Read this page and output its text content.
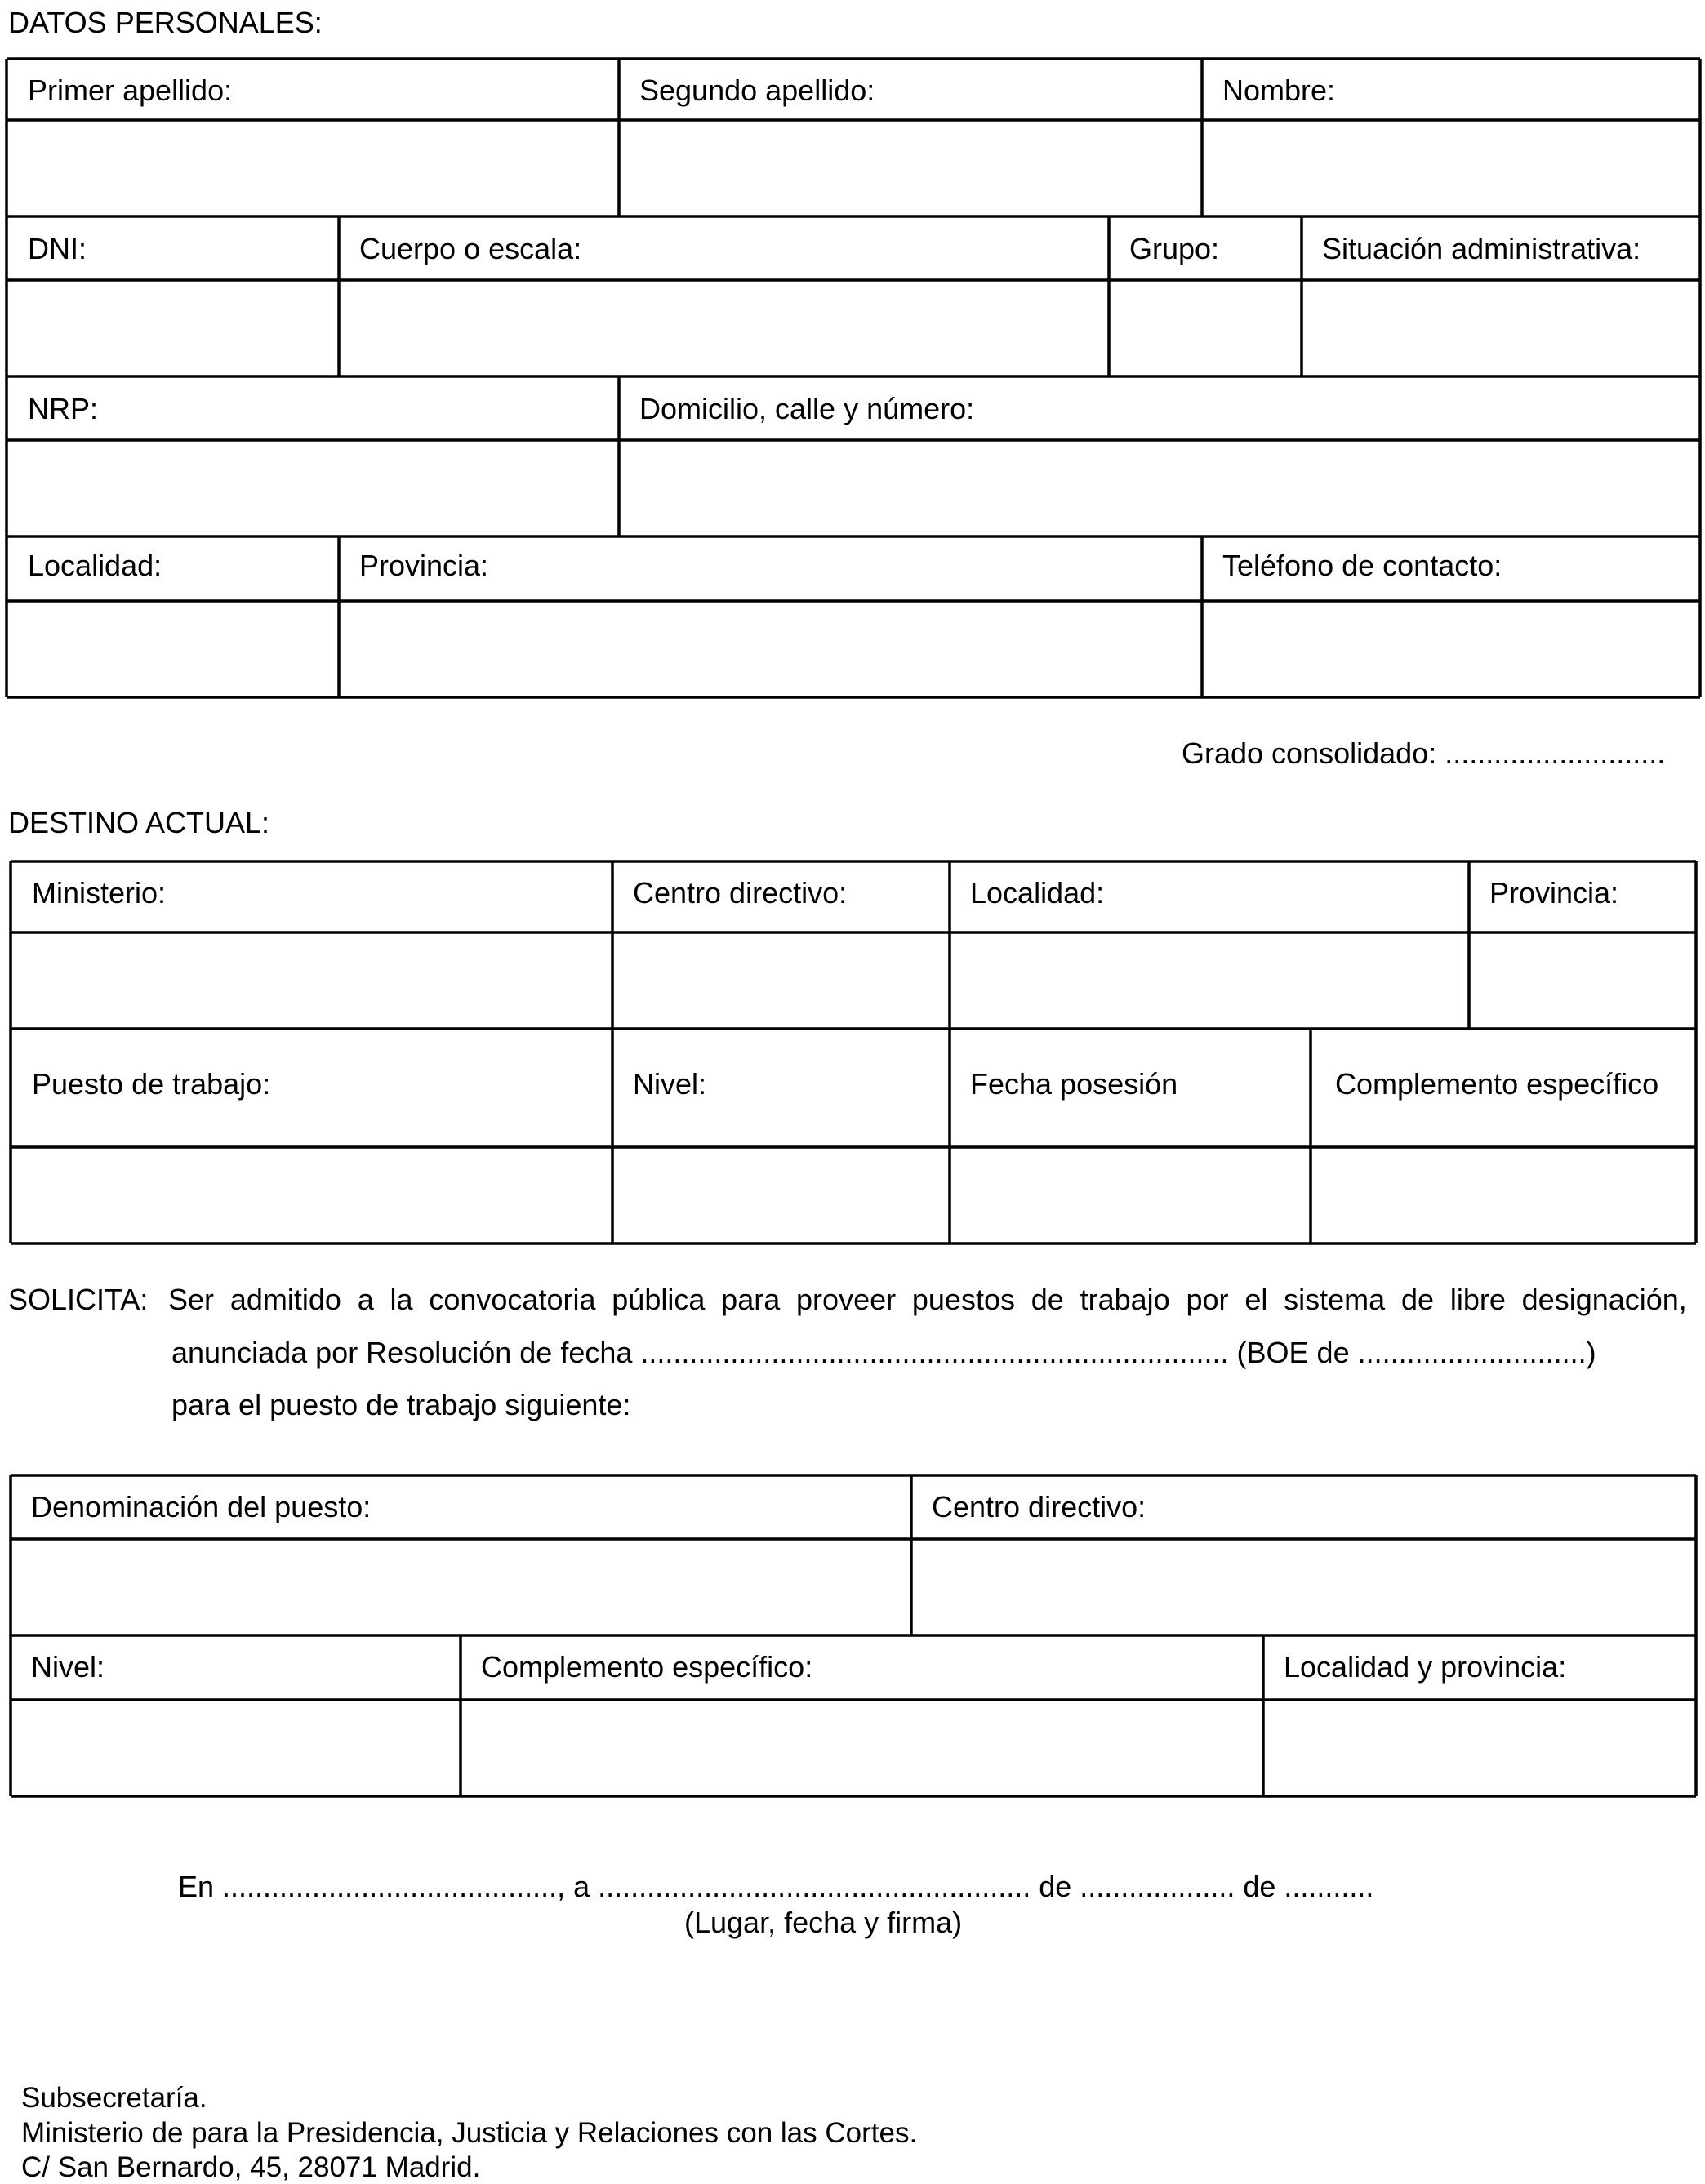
DATOS PERSONALES:
Primer apellido:	Segundo apellido:	Nombre:
DNI:	Cuerpo o escala:	Grupo:	Situación administrativa:
NRP:	Domicilio, calle y número:
Localidad:	Provincia:	Teléfono de contacto:
Grado consolidado: ...........................
DESTINO ACTUAL:
Ministerio:	Centro directivo:	Localidad:	Provincia:
Puesto de trabajo:	Nivel:	Fecha posesión	Complemento específico
SOLICITA: Ser admitido a la convocatoria pública para proveer puestos de trabajo por el sistema de libre designación,
anunciada por Resolución de fecha ........................................................................ (BOE de ............................)
para el puesto de trabajo siguiente:
Denominación del puesto:	Centro directivo:
Nivel:	Complemento específico:	Localidad y provincia:
En ........................................., a ..................................................... de ................... de ...........
(Lugar, fecha y firma)
Subsecretaría.
Ministerio de para la Presidencia, Justicia y Relaciones con las Cortes.
C/ San Bernardo, 45, 28071 Madrid.
